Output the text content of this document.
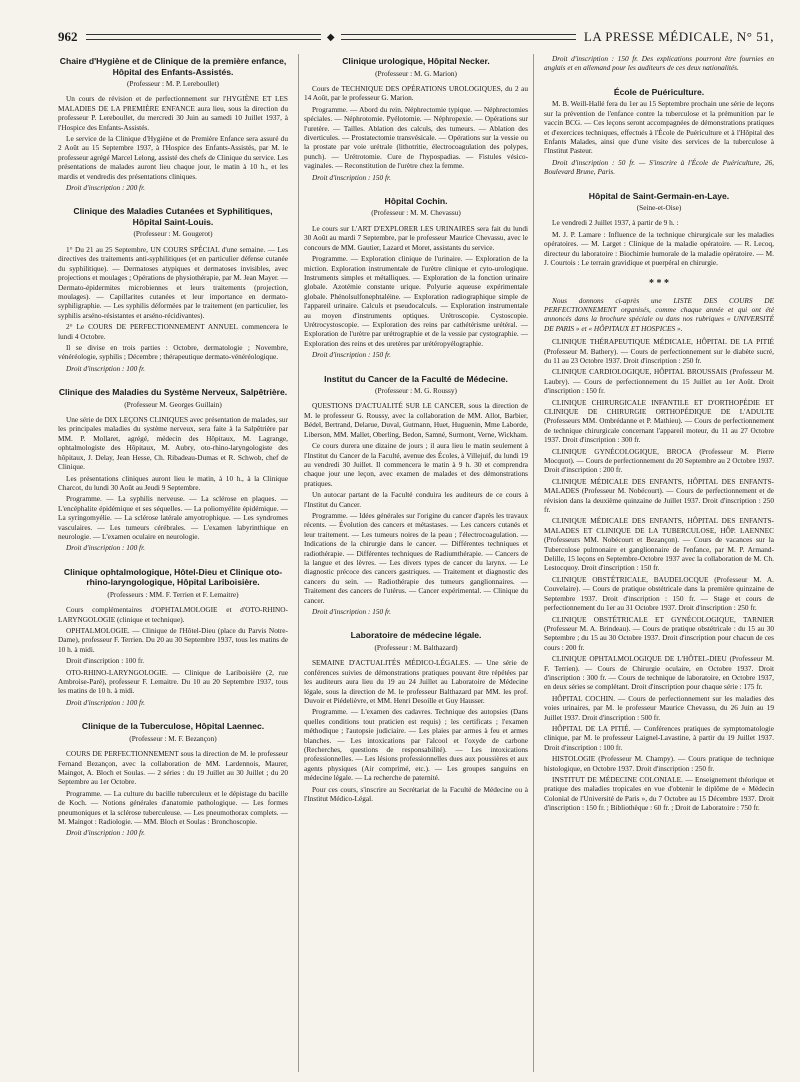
962	◆	LA PRESSE MÉDICALE, N° 51,
Chaire d'Hygiène et de Clinique de la première enfance, Hôpital des Enfants-Assistés.
(Professeur : M. P. Lereboullet)

Un cours de révision et de perfectionnement sur l'HYGIÈNE ET LES MALADIES DE LA PREMIÈRE ENFANCE aura lieu, sous la direction du professeur P. Lereboullet, du mercredi 30 Juin au samedi 10 Juillet 1937, à l'Hospice des Enfants-Assistés.

Le service de la Clinique d'Hygiène et de Première Enfance sera assuré du 2 Août au 15 Septembre 1937, à l'Hospice des Enfants-Assistés, par M. le professeur agrégé Marcel Lelong, assisté des chefs de Clinique du service. Les présentations de malades auront lieu chaque jour, le matin à 10 h., et les mardis et vendredis des présentations cliniques.

Droit d'inscription : 200 fr.

Clinique des Maladies Cutanées et Syphilitiques, Hôpital Saint-Louis.
(Professeur : M. Gougerot)

1° Du 21 au 25 Septembre, UN COURS SPÉCIAL d'une semaine. — Les directives des traitements anti-syphilitiques (et en particulier défense cutanée du syphilitique). — Dermatoses atypiques et dermatoses invisibles, avec projections et moulages ; Opérations de physiothérapie, par M. Jean Mayer. — Dermato-épidermites microbiennes et leurs traitements (projection, moulages). — Capillarites cutanées et leur importance en dermato-syphiligraphie. — Les syphilis déformées par le traitement (en particulier, les syphilis arséno-résistantes et arséno-récidivantes).

2° Le COURS DE PERFECTIONNEMENT ANNUEL commencera le lundi 4 Octobre.

Il se divise en trois parties : Octobre, dermatologie ; Novembre, vénéréologie, syphilis ; Décembre ; thérapeutique dermato-vénéréologique.

Droit d'inscription : 100 fr.

Clinique des Maladies du Système Nerveux, Salpêtrière.
(Professeur M. Georges Guillain)

Une série de DIX LEÇONS CLINIQUES avec présentation de malades, sur les principales maladies du système nerveux, sera faite à la Salpêtrière par MM. P. Mollaret, agrégé, médecin des Hôpitaux, M. Lagrange, ophtalmologiste des Hôpitaux, M. Aubry, oto-rhino-laryngologiste des hôpitaux, J. Delay, Jean Hesse, Ch. Ribadeau-Dumas et R. Schwob, chef de Clinique.

Les présentations cliniques auront lieu le matin, à 10 h., à la Clinique Charcot, du lundi 30 Août au Jeudi 9 Septembre.

Programme. — La syphilis nerveuse. — La sclérose en plaques. — L'encéphalite épidémique et ses séquelles. — La poliomyélite épidémique. — La syringomyélie. — La sclérose latérale amyotrophique. — Les syndromes vasculaires. — Les tumeurs cérébrales. — L'examen labyrinthique en neurologie. — L'examen oculaire en neurologie.

Droit d'inscription : 100 fr.

Clinique ophtalmologique, Hôtel-Dieu et Clinique oto-rhino-laryngologique, Hôpital Lariboisière.
(Professeurs : MM. F. Terrien et F. Lemaitre)

Cours complémentaires d'OPHTALMOLOGIE et d'OTO-RHINO-LARYNGOLOGIE (clinique et technique).

OPHTALMOLOGIE. — Clinique de l'Hôtel-Dieu (place du Parvis Notre-Dame), professeur F. Terrien. Du 20 au 30 Septembre 1937, tous les matins de 10 h. à midi.

Droit d'inscription : 100 fr.

OTO-RHINO-LARYNGOLOGIE. — Clinique de Lariboisière (2, rue Ambroise-Paré), professeur F. Lemaitre. Du 10 au 20 Septembre 1937, tous les matins de 10 h. à midi.

Droit d'inscription : 100 fr.

Clinique de la Tuberculose, Hôpital Laennec.
(Professeur : M. F. Bezançon)

COURS DE PERFECTIONNEMENT sous la direction de M. le professeur Fernand Bezançon, avec la collaboration de MM. Lardennois, Maurer, Maingot, A. Bloch et Soulas. — 2 séries : du 19 Juillet au 30 Juillet ; du 20 Septembre au 1er Octobre.

Programme. — La culture du bacille tuberculeux et le dépistage du bacille de Koch. — Notions générales d'anatomie pathologique. — Les formes pneumoniques et la sclérose tuberculeuse. — Les pneumothorax complets. — M. Maingot : Radiologie. — MM. Bloch et Soulas : Bronchoscopie.

Droit d'inscription : 100 fr.

Clinique urologique, Hôpital Necker.
(Professeur : M. G. Marion)

Cours de TECHNIQUE DES OPÉRATIONS UROLOGIQUES, du 2 au 14 Août, par le professeur G. Marion.

Programme. — Abord du rein. Néphrectomie typique. — Néphrectomies spéciales. — Néphrotomie. Pyélotomie. — Néphropexie. — Opérations sur l'uretère. — Tailles. Ablation des calculs, des tumeurs. — Ablation des diverticules. — Prostatectomie transvésicale. — Opérations sur la vessie ou la prostate par voie urétrale (lithotritie, électrocoagulation des polypes, punch). — Urétrotomie. Cure de l'hypospadias. — Fistules vésico-vaginales. — Reconstitution de l'urètre chez la femme.

Droit d'inscription : 150 fr.

Hôpital Cochin.
(Professeur : M. M. Chevassu)

Le cours sur L'ART D'EXPLORER LES URINAIRES sera fait du lundi 30 Août au mardi 7 Septembre, par le professeur Maurice Chevassu, avec le concours de MM. Gautier, Lazard et Moret, assistants du service.

Programme. — Exploration clinique de l'urinaire. — Exploration de la miction. Exploration instrumentale de l'urètre clinique et cyto-urologique. Instruments simples et métalliques. — Exploration de la fonction urinaire globale. Azotémie constante urique. Polyurie aqueuse expérimentale globale. Phénolsulfonephtaléine. — Exploration radiographique simple de l'appareil urinaire. Calculs et pseudocalculs. — Exploration instrumentale au moyen d'instruments optiques. Urétroscopie. Cystoscopie. Urétrocystoscopie. — Exploration des reins par cathétérisme urétéral. — Exploration de l'urètre par urétrographie et de la vessie par cystographie. — Exploration des reins et des uretères par urétéropyélographie.

Droit d'inscription : 150 fr.

Institut du Cancer de la Faculté de Médecine.
(Professeur : M. G. Roussy)

QUESTIONS D'ACTUALITÉ SUR LE CANCER, sous la direction de M. le professeur G. Roussy, avec la collaboration de MM. Allot, Barbier, Bédel, Bertrand, Delarue, Duval, Gutmann, Huet, Huguenin, Mme Laborde, Liberson, MM. Mallet, Oberling, Bedon, Samné, Surmont, Verne, Wickham.

Ce cours durera une dizaine de jours ; il aura lieu le matin seulement à l'Institut du Cancer de la Faculté, avenue des Écoles, à Villejuif, du lundi 19 au vendredi 30 Juillet. Il commencera le matin à 9 h. 30 et comprendra chaque jour une leçon, avec examen de malades et des démonstrations pratiques.

Un autocar partant de la Faculté conduira les auditeurs de ce cours à l'Institut du Cancer.

Programme. — Idées générales sur l'origine du cancer d'après les travaux récents. — Évolution des cancers et métastases. — Les cancers cutanés et leur traitement. — Les tumeurs noires de la peau ; l'électrocoagulation. — Indications de la chirurgie dans le cancer. — Différentes techniques et radiothérapie. — Différentes techniques de Radiumthérapie. — Cancers de la langue et des lèvres. — Les divers types de cancer du larynx. — Le diagnostic précoce des cancers gastriques. — Traitement et diagnostic des cancers du sein. — Radiothérapie des tumeurs ganglionnaires. — Traitement des cancers de l'utérus. — Cancer expérimental. — Clinique du cancer.

Droit d'inscription : 150 fr.

Laboratoire de médecine légale.
(Professeur : M. Balthazard)

SEMAINE D'ACTUALITÉS MÉDICO-LÉGALES. — Une série de conférences suivies de démonstrations pratiques pouvant être répétées par les auditeurs aura lieu du 19 au 24 Juillet au Laboratoire de Médecine légale, sous la direction de M. le professeur Balthazard par MM. les prof. Duvoir et Piédelièvre, et MM. Henri Desoille et Guy Hausser.

Programme. — L'examen des cadavres. Technique des autopsies (Dans quelles conditions tout praticien est requis) ; les certificats ; l'examen méthodique ; l'autopsie judiciaire. — Les plaies par armes à feu et armes blanches. — Les intoxications par l'alcool et l'oxyde de carbone (Recherches, questions de responsabilité). — Les intoxications professionnelles. — Les lésions professionnelles dues aux poussières et aux agents physiques (Air comprimé, etc.). — Les groupes sanguins en médecine légale. — La recherche de paternité.

Pour ces cours, s'inscrire au Secrétariat de la Faculté de Médecine ou à l'Institut Médico-Légal.

Droit d'inscription : 150 fr. Des explications pourront être fournies en anglais et en allemand pour les auditeurs de ces deux nationalités.

École de Puériculture.

M. B. Weill-Hallé fera du 1er au 15 Septembre prochain une série de leçons sur la prévention de l'enfance contre la tuberculose et la prémunition par le vaccin BCG. — Ces leçons seront accompagnées de démonstrations pratiques et d'exercices techniques, effectués à l'École de Puériculture et à l'Hôpital des Enfants Malades, ainsi que d'une visite des services de la tuberculose à l'Institut Pasteur.

Droit d'inscription : 50 fr. — S'inscrire à l'École de Puériculture, 26, Boulevard Brune, Paris.

Hôpital de Saint-Germain-en-Laye.
(Seine-et-Oise)

Le vendredi 2 Juillet 1937, à partir de 9 h. :

M. J. P. Lamare : Influence de la technique chirurgicale sur les maladies opératoires. — M. Larget : Clinique de la maladie opératoire. — R. Lecoq, directeur du laboratoire : Biochimie humorale de la maladie opératoire. — M. J. Courtois : Le terrain gravidique et puerpéral en chirurgie.

* * *

Nous donnons ci-après une LISTE DES COURS DE PERFECTIONNEMENT organisés, comme chaque année et qui ont été annoncés dans la brochure spéciale ou dans nos rubriques « UNIVERSITÉ DE PARIS » et « HÔPITAUX ET HOSPICES ».

CLINIQUE THÉRAPEUTIQUE MÉDICALE, HÔPITAL DE LA PITIÉ (Professeur M. Bathery). — Cours de perfectionnement sur le diabète sucré, du 11 au 23 Octobre 1937. Droit d'inscription : 250 fr.

CLINIQUE CARDIOLOGIQUE, HÔPITAL BROUSSAIS (Professeur M. Laubry). — Cours de perfectionnement du 15 Juillet au 1er Août. Droit d'inscription : 150 fr.

CLINIQUE CHIRURGICALE INFANTILE ET D'ORTHOPÉDIE ET CLINIQUE DE CHIRURGIE ORTHOPÉDIQUE DE L'ADULTE (Professeurs MM. Ombrédanne et P. Mathieu). — Cours de perfectionnement de technique chirurgicale concernant l'appareil moteur, du 11 au 27 Octobre 1937. Droit d'inscription : 300 fr.

CLINIQUE GYNÉCOLOGIQUE, BROCA (Professeur M. Pierre Mocquot). — Cours de perfectionnement du 20 Septembre au 2 Octobre 1937. Droit d'inscription : 200 fr.

CLINIQUE MÉDICALE DES ENFANTS, HÔPITAL DES ENFANTS-MALADES (Professeur M. Nobécourt). — Cours de perfectionnement et de révision dans la deuxième quinzaine de Juillet 1937. Droit d'inscription : 250 fr.

CLINIQUE MÉDICALE DES ENFANTS, HÔPITAL DES ENFANTS-MALADES ET CLINIQUE DE LA TUBERCULOSE, HÔP. LAENNEC (Professeurs MM. Nobécourt et Bezançon). — Cours de vacances sur la Tuberculose pulmonaire et ganglionnaire de l'enfance, par M. P. Armand-Delille, 15 leçons en Septembre-Octobre 1937 avec la collaboration de M. Ch. Lestocquoy. Droit d'inscription : 150 fr.

CLINIQUE OBSTÉTRICALE, BAUDELOCQUE (Professeur M. A. Couvelaire). — Cours de pratique obstétricale dans la première quinzaine de Septembre 1937. Droit d'inscription : 150 fr. — Stage et cours de perfectionnement du 1er au 31 Octobre 1937. Droit d'inscription : 250 fr.

CLINIQUE OBSTÉTRICALE ET GYNÉCOLOGIQUE, TARNIER (Professeur M. A. Brindeau). — Cours de pratique obstétricale : du 15 au 30 Septembre ; du 15 au 30 Octobre 1937. Droit d'inscription pour chacun de ces cours : 200 fr.

CLINIQUE OPHTALMOLOGIQUE DE L'HÔTEL-DIEU (Professeur M. F. Terrien). — Cours de Chirurgie oculaire, en Octobre 1937. Droit d'inscription : 300 fr. — Cours de technique de laboratoire, en Octobre 1937, en deux séries se complétant. Droit d'inscription pour chaque série : 175 fr.

HÔPITAL COCHIN. — Cours de perfectionnement sur les maladies des voies urinaires, par M. le professeur Maurice Chevassu, du 26 Juin au 19 Juillet 1937. Droit d'inscription : 500 fr.

HÔPITAL DE LA PITIÉ. — Conférences pratiques de symptomatologie clinique, par M. le professeur Laignel-Lavastine, à partir du 19 Juillet 1937. Droit d'inscription : 100 fr.

HISTOLOGIE (Professeur M. Champy). — Cours pratique de technique histologique, en Octobre 1937. Droit d'inscription : 250 fr.

INSTITUT DE MÉDECINE COLONIALE. — Enseignement théorique et pratique des maladies tropicales en vue d'obtenir le diplôme de « Médecin Colonial de l'Université de Paris », du 7 Octobre au 15 Décembre 1937. Droit d'inscription : 150 fr. ; Bibliothèque : 60 fr. ; Droit de Laboratoire : 750 fr.
